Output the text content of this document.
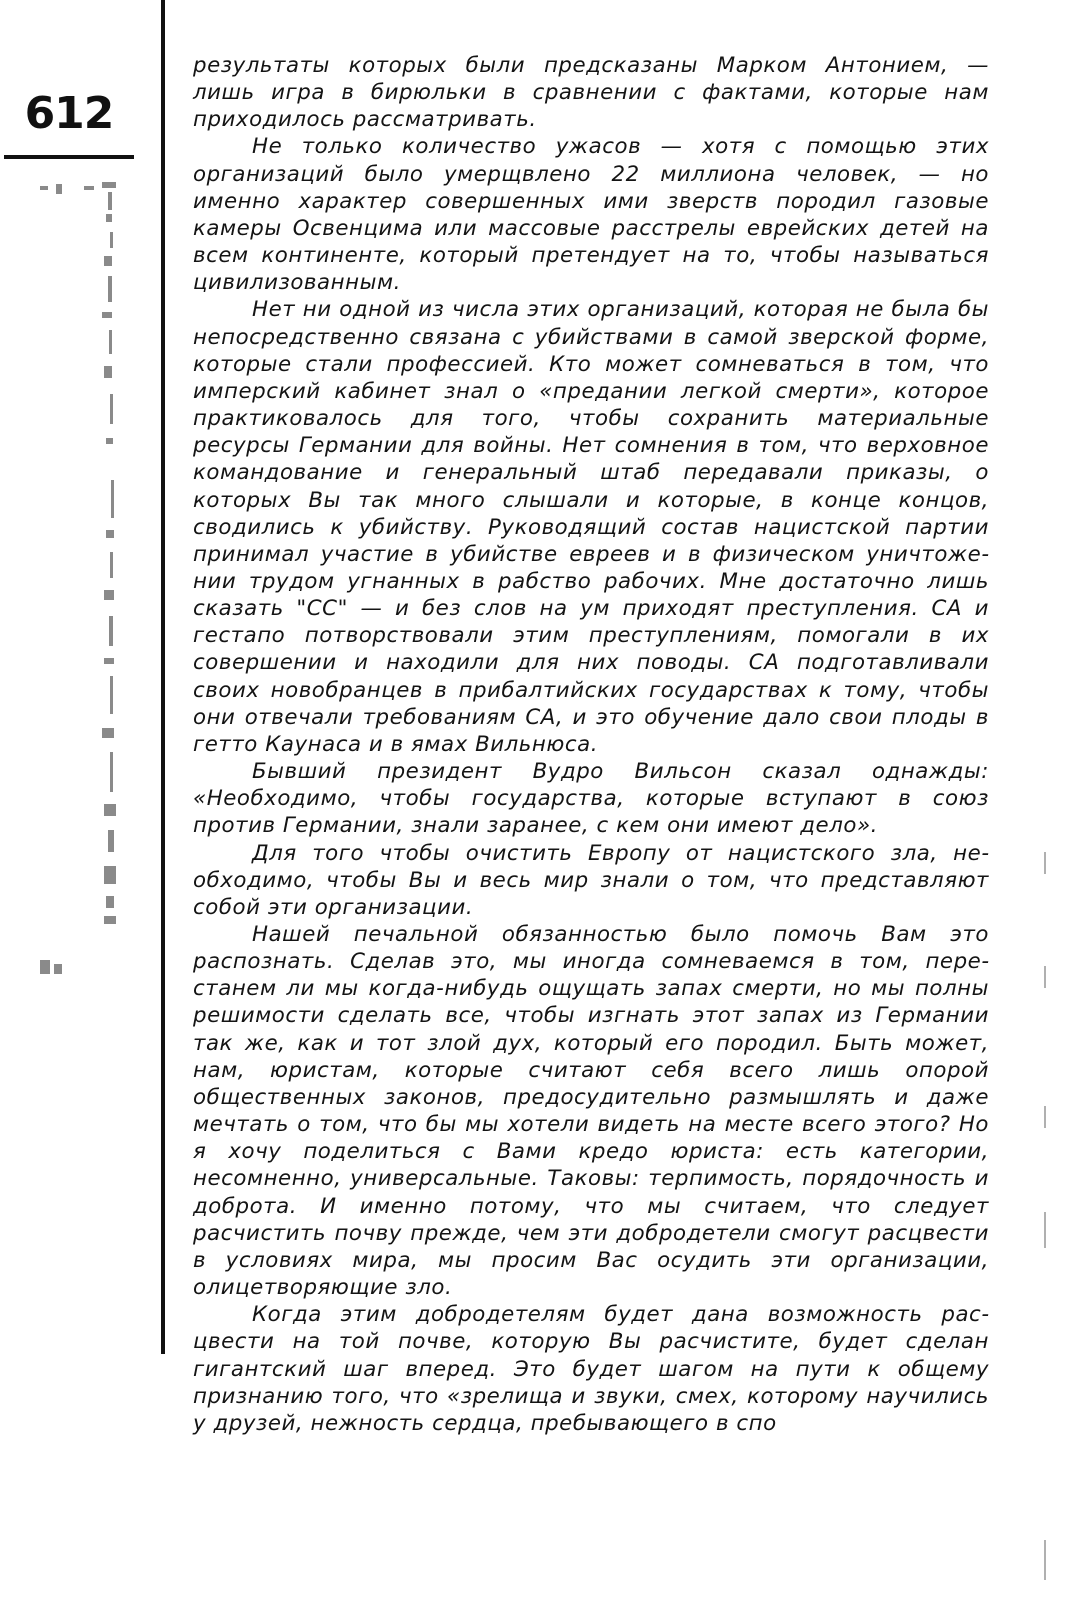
612

результаты которых были предсказаны Марком Антонием, — лишь игра в бирюльки в сравнении с фактами, которые нам приходилось рассматривать.

Не только количество ужасов — хотя с помощью этих организаций было умерщвлено 22 миллиона человек, — но именно характер совершенных ими зверств породил газовые камеры Освенцима или массовые расстрелы еврейских детей на всем континенте, который претендует на то, чтобы называться цивилизованным.

Нет ни одной из числа этих организаций, которая не была бы непосредственно связана с убийствами в самой зверской форме, которые стали профессией. Кто может сомневаться в том, что имперский кабинет знал о «предании легкой смерти», которое практиковалось для того, чтобы сохранить материальные ресурсы Германии для войны. Нет сомнения в том, что верховное командование и генеральный штаб передавали приказы, о которых Вы так много слышали и которые, в конце концов, сводились к убийству. Руководящий состав нацистской партии принимал участие в убийстве евреев и в физическом уничтожении трудом угнанных в рабство рабочих. Мне достаточно лишь сказать "СС" — и без слов на ум приходят преступления. СА и гестапо потворствовали этим преступлениям, помогали в их совершении и находили для них поводы. СА подготавливали своих новобранцев в прибалтийских государствах к тому, чтобы они отвечали требованиям СА, и это обучение дало свои плоды в гетто Каунаса и в ямах Вильнюса.

Бывший президент Вудро Вильсон сказал однажды: «Необходимо, чтобы государства, которые вступают в союз против Германии, знали заранее, с кем они имеют дело».

Для того чтобы очистить Европу от нацистского зла, необходимо, чтобы Вы и весь мир знали о том, что представляют собой эти организации.

Нашей печальной обязанностью было помочь Вам это распознать. Сделав это, мы иногда сомневаемся в том, перестанем ли мы когда-нибудь ощущать запах смерти, но мы полны решимости сделать все, чтобы изгнать этот запах из Германии так же, как и тот злой дух, который его породил. Быть может, нам, юристам, которые считают себя всего лишь опорой общественных законов, предосудительно размышлять и даже мечтать о том, что бы мы хотели видеть на месте всего этого? Но я хочу поделиться с Вами кредо юриста: есть категории, несомненно, универсальные. Таковы: терпимость, порядочность и доброта. И именно потому, что мы считаем, что следует расчистить почву прежде, чем эти добродетели смогут расцвести в условиях мира, мы просим Вас осудить эти организации, олицетворяющие зло.

Когда этим добродетелям будет дана возможность расцвести на той почве, которую Вы расчистите, будет сделан гигантский шаг вперед. Это будет шагом на пути к общему признанию того, что «зрелища и звуки, смех, которому научились у друзей, нежность сердца, пребывающего в спо
